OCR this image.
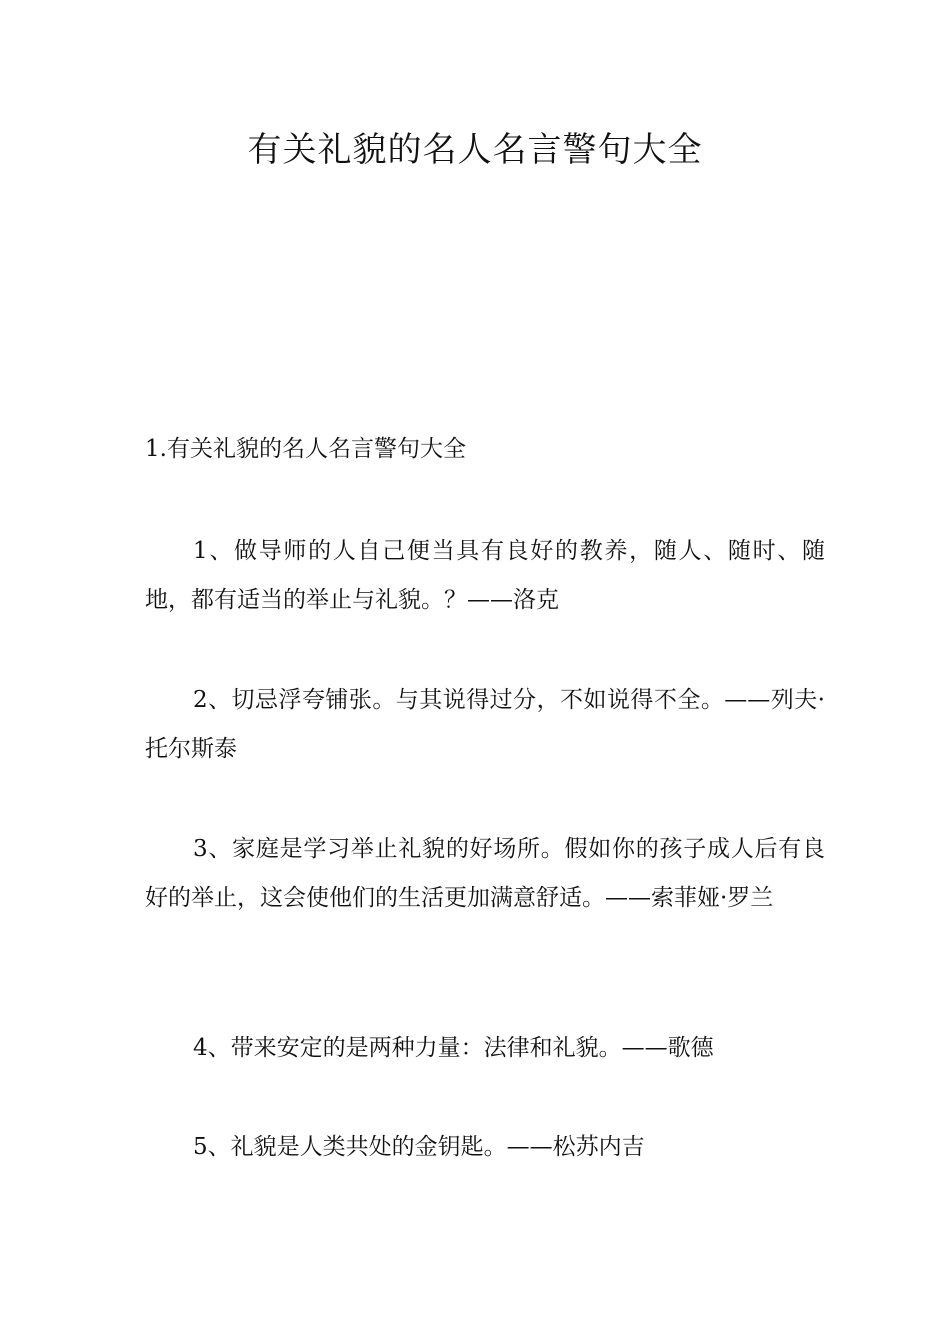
有关礼貌的名人名言警句大全
1.有关礼貌的名人名言警句大全
1、做导师的人自己便当具有良好的教养，随人、随时、随地，都有适当的举止与礼貌。？——洛克
2、切忌浮夸铺张。与其说得过分，不如说得不全。——列夫·托尔斯泰
3、家庭是学习举止礼貌的好场所。假如你的孩子成人后有良好的举止，这会使他们的生活更加满意舒适。——索菲娅·罗兰
4、带来安定的是两种力量：法律和礼貌。——歌德
5、礼貌是人类共处的金钥匙。——松苏内吉
